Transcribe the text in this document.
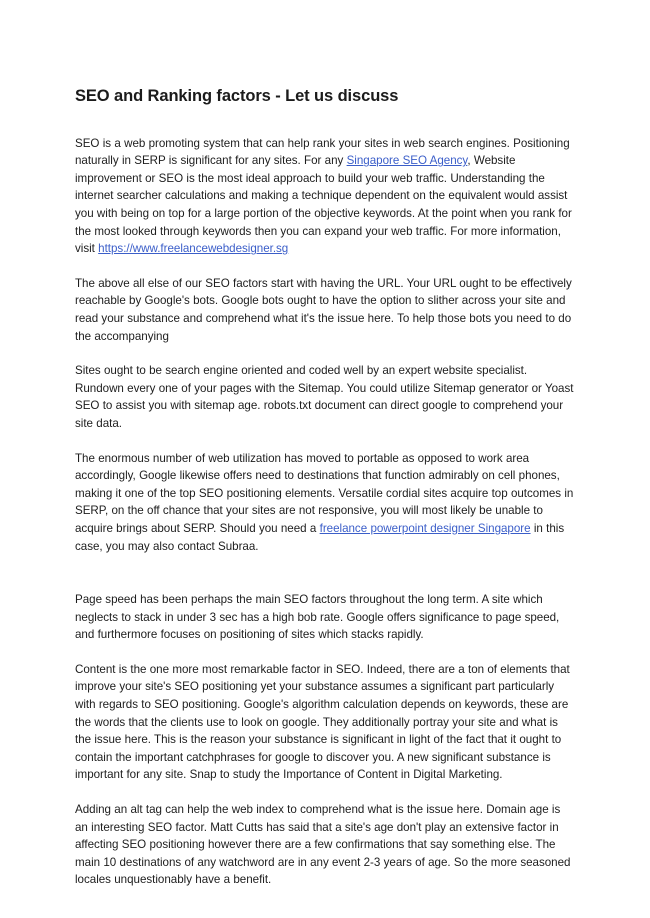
SEO and Ranking factors - Let us discuss

SEO is a web promoting system that can help rank your sites in web search engines. Positioning naturally in SERP is significant for any sites. For any Singapore SEO Agency, Website improvement or SEO is the most ideal approach to build your web traffic. Understanding the internet searcher calculations and making a technique dependent on the equivalent would assist you with being on top for a large portion of the objective keywords. At the point when you rank for the most looked through keywords then you can expand your web traffic. For more information, visit https://www.freelancewebdesigner.sg

The above all else of our SEO factors start with having the URL. Your URL ought to be effectively reachable by Google's bots. Google bots ought to have the option to slither across your site and read your substance and comprehend what it's the issue here. To help those bots you need to do the accompanying

Sites ought to be search engine oriented and coded well by an expert website specialist. Rundown every one of your pages with the Sitemap. You could utilize Sitemap generator or Yoast SEO to assist you with sitemap age. robots.txt document can direct google to comprehend your site data.

The enormous number of web utilization has moved to portable as opposed to work area accordingly, Google likewise offers need to destinations that function admirably on cell phones, making it one of the top SEO positioning elements. Versatile cordial sites acquire top outcomes in SERP, on the off chance that your sites are not responsive, you will most likely be unable to acquire brings about SERP. Should you need a freelance powerpoint designer Singapore in this case, you may also contact Subraa.

Page speed has been perhaps the main SEO factors throughout the long term. A site which neglects to stack in under 3 sec has a high bob rate. Google offers significance to page speed, and furthermore focuses on positioning of sites which stacks rapidly.

Content is the one more most remarkable factor in SEO. Indeed, there are a ton of elements that improve your site's SEO positioning yet your substance assumes a significant part particularly with regards to SEO positioning. Google's algorithm calculation depends on keywords, these are the words that the clients use to look on google. They additionally portray your site and what is the issue here. This is the reason your substance is significant in light of the fact that it ought to contain the important catchphrases for google to discover you. A new significant substance is important for any site. Snap to study the Importance of Content in Digital Marketing.

Adding an alt tag can help the web index to comprehend what is the issue here. Domain age is an interesting SEO factor. Matt Cutts has said that a site's age don't play an extensive factor in affecting SEO positioning however there are a few confirmations that say something else. The main 10 destinations of any watchword are in any event 2-3 years of age. So the more seasoned locales unquestionably have a benefit.
